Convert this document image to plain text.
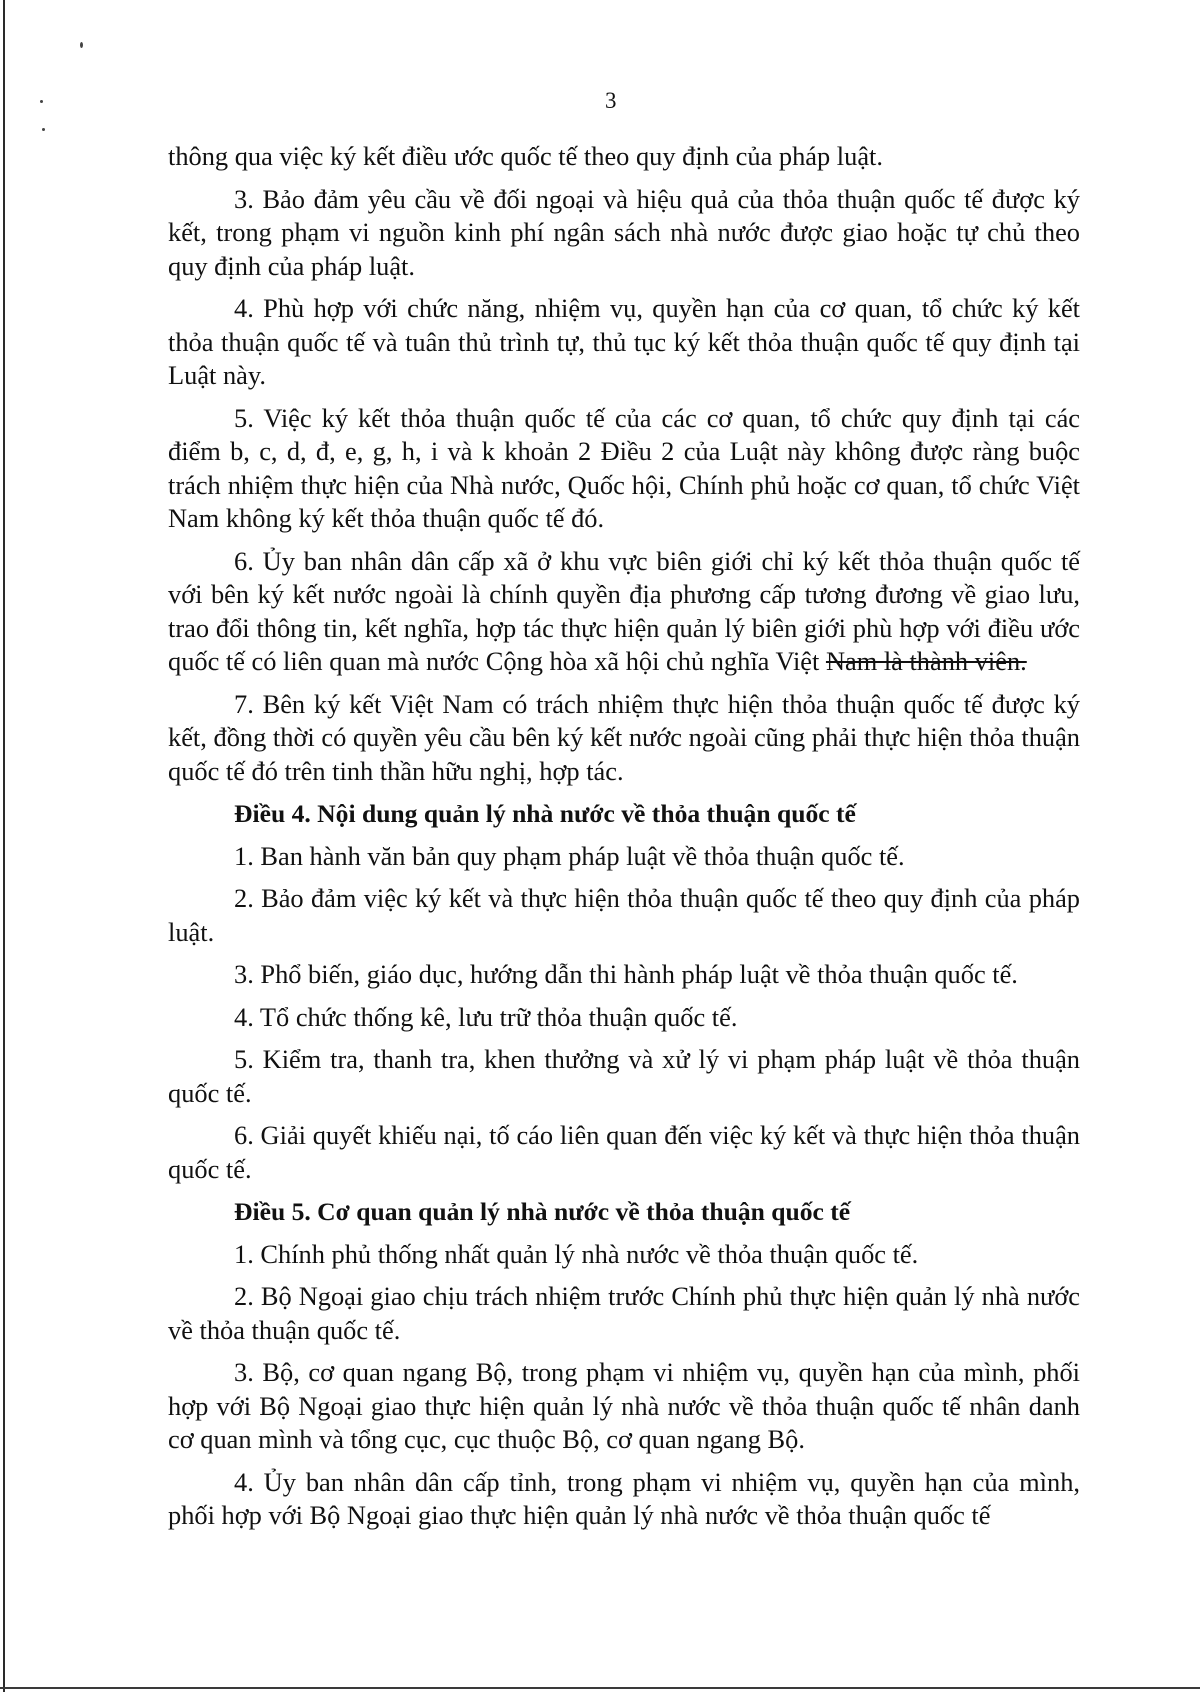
3

thông qua việc ký kết điều ước quốc tế theo quy định của pháp luật.

3. Bảo đảm yêu cầu về đối ngoại và hiệu quả của thỏa thuận quốc tế được ký kết, trong phạm vi nguồn kinh phí ngân sách nhà nước được giao hoặc tự chủ theo quy định của pháp luật.

4. Phù hợp với chức năng, nhiệm vụ, quyền hạn của cơ quan, tổ chức ký kết thỏa thuận quốc tế và tuân thủ trình tự, thủ tục ký kết thỏa thuận quốc tế quy định tại Luật này.

5. Việc ký kết thỏa thuận quốc tế của các cơ quan, tổ chức quy định tại các điểm b, c, d, đ, e, g, h, i và k khoản 2 Điều 2 của Luật này không được ràng buộc trách nhiệm thực hiện của Nhà nước, Quốc hội, Chính phủ hoặc cơ quan, tổ chức Việt Nam không ký kết thỏa thuận quốc tế đó.

6. Ủy ban nhân dân cấp xã ở khu vực biên giới chỉ ký kết thỏa thuận quốc tế với bên ký kết nước ngoài là chính quyền địa phương cấp tương đương về giao lưu, trao đổi thông tin, kết nghĩa, hợp tác thực hiện quản lý biên giới phù hợp với điều ước quốc tế có liên quan mà nước Cộng hòa xã hội chủ nghĩa Việt Nam là thành viên.

7. Bên ký kết Việt Nam có trách nhiệm thực hiện thỏa thuận quốc tế được ký kết, đồng thời có quyền yêu cầu bên ký kết nước ngoài cũng phải thực hiện thỏa thuận quốc tế đó trên tinh thần hữu nghị, hợp tác.

Điều 4. Nội dung quản lý nhà nước về thỏa thuận quốc tế

1. Ban hành văn bản quy phạm pháp luật về thỏa thuận quốc tế.

2. Bảo đảm việc ký kết và thực hiện thỏa thuận quốc tế theo quy định của pháp luật.

3. Phổ biến, giáo dục, hướng dẫn thi hành pháp luật về thỏa thuận quốc tế.

4. Tổ chức thống kê, lưu trữ thỏa thuận quốc tế.

5. Kiểm tra, thanh tra, khen thưởng và xử lý vi phạm pháp luật về thỏa thuận quốc tế.

6. Giải quyết khiếu nại, tố cáo liên quan đến việc ký kết và thực hiện thỏa thuận quốc tế.

Điều 5. Cơ quan quản lý nhà nước về thỏa thuận quốc tế

1. Chính phủ thống nhất quản lý nhà nước về thỏa thuận quốc tế.

2. Bộ Ngoại giao chịu trách nhiệm trước Chính phủ thực hiện quản lý nhà nước về thỏa thuận quốc tế.

3. Bộ, cơ quan ngang Bộ, trong phạm vi nhiệm vụ, quyền hạn của mình, phối hợp với Bộ Ngoại giao thực hiện quản lý nhà nước về thỏa thuận quốc tế nhân danh cơ quan mình và tổng cục, cục thuộc Bộ, cơ quan ngang Bộ.

4. Ủy ban nhân dân cấp tỉnh, trong phạm vi nhiệm vụ, quyền hạn của mình, phối hợp với Bộ Ngoại giao thực hiện quản lý nhà nước về thỏa thuận quốc tế
